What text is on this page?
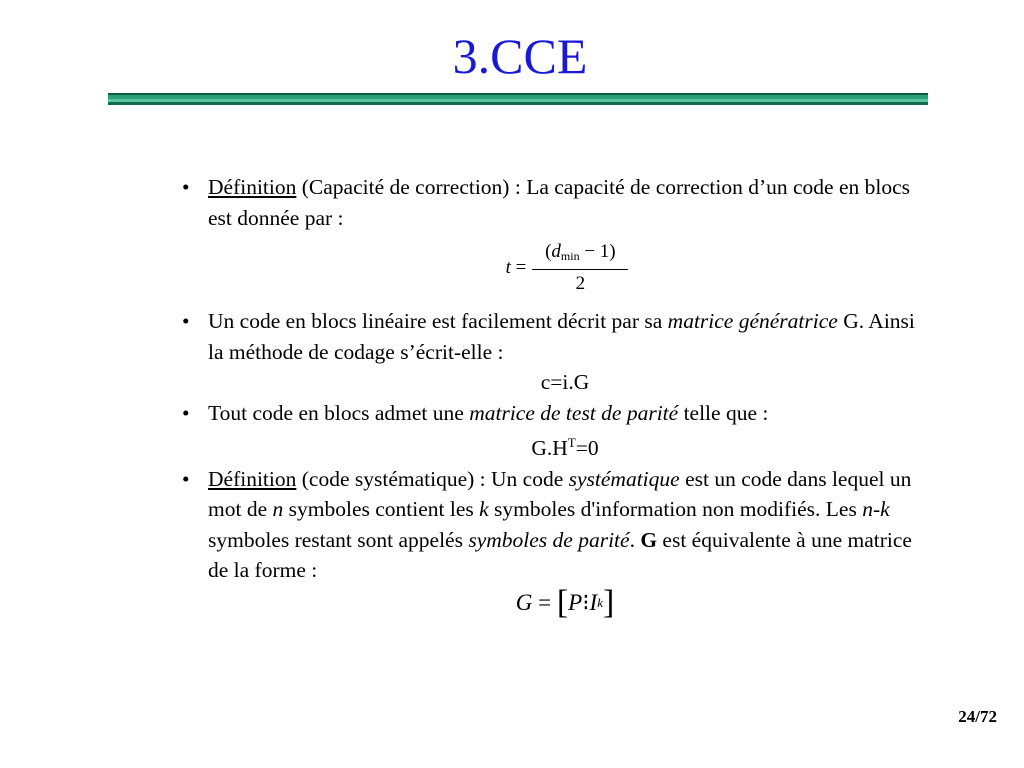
3.CCE
• Définition (Capacité de correction) : La capacité de correction d’un code en blocs est donnée par :
$t = \frac{(d_{min} - 1)}{2}$
• Un code en blocs linéaire est facilement décrit par sa matrice génératrice G. Ainsi la méthode de codage s’écrit-elle :
c=i.G
• Tout code en blocs admet une matrice de test de parité telle que :
$G.H^T=0$
• Définition (code systématique) : Un code systématique est un code dans lequel un mot de n symboles contient les k symboles d'information non modifiés. Les n-k symboles restant sont appelés symboles de parité. G est équivalente à une matrice de la forme :
G = [ P ⁝ I k ]
24/72
